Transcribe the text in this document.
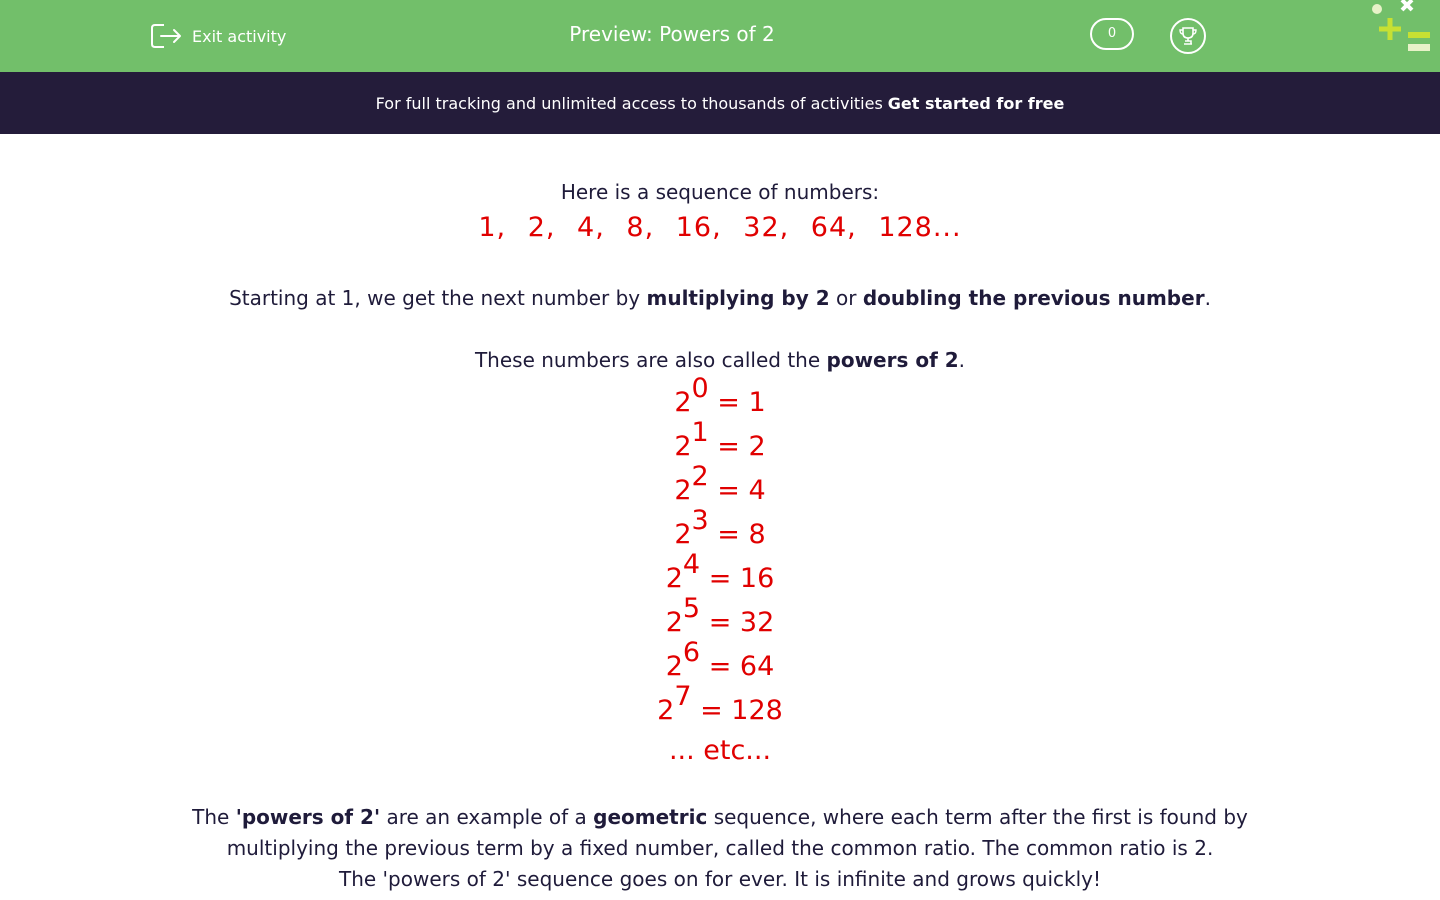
Exit activity	Preview: Powers of 2	0
For full tracking and unlimited access to thousands of activities Get started for free
Here is a sequence of numbers:
1, 2, 4, 8, 16, 32, 64, 128...
Starting at 1, we get the next number by multiplying by 2 or doubling the previous number.
These numbers are also called the powers of 2.
2 0 = 1
2 1 = 2
2 2 = 4
2 3 = 8
2 4 = 16
2 5 = 32
2 6 = 64
2 7 = 128
... etc...
The 'powers of 2' are an example of a geometric sequence, where each term after the first is found by multiplying the previous term by a fixed number, called the common ratio. The common ratio is 2.
The 'powers of 2' sequence goes on for ever. It is infinite and grows quickly!
